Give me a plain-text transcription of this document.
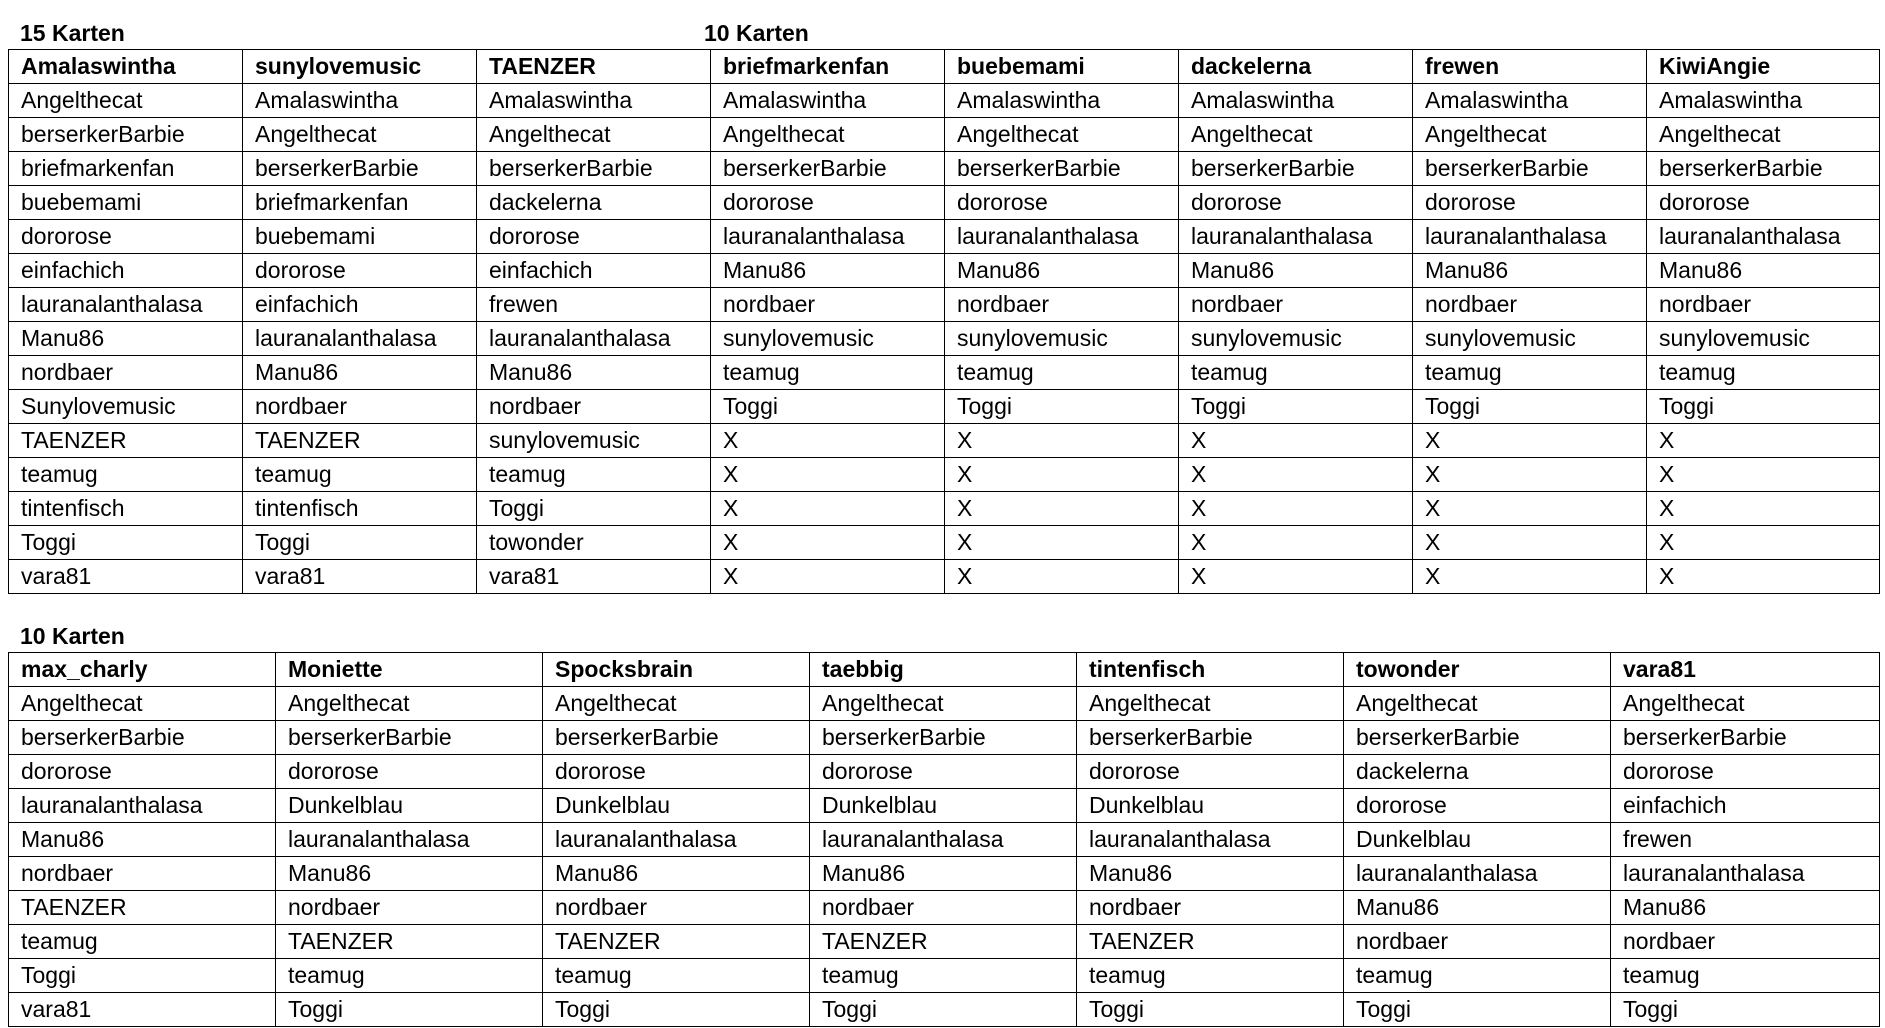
15 Karten	10 Karten
Amalaswintha	sunylovemusic	TAENZER	briefmarkenfan	buebemami	dackelerna	frewen	KiwiAngie
Angelthecat	Amalaswintha	Amalaswintha	Amalaswintha	Amalaswintha	Amalaswintha	Amalaswintha	Amalaswintha
berserkerBarbie	Angelthecat	Angelthecat	Angelthecat	Angelthecat	Angelthecat	Angelthecat	Angelthecat
briefmarkenfan	berserkerBarbie	berserkerBarbie	berserkerBarbie	berserkerBarbie	berserkerBarbie	berserkerBarbie	berserkerBarbie
buebemami	briefmarkenfan	dackelerna	dororose	dororose	dororose	dororose	dororose
dororose	buebemami	dororose	lauranalanthalasa	lauranalanthalasa	lauranalanthalasa	lauranalanthalasa	lauranalanthalasa
einfachich	dororose	einfachich	Manu86	Manu86	Manu86	Manu86	Manu86
lauranalanthalasa	einfachich	frewen	nordbaer	nordbaer	nordbaer	nordbaer	nordbaer
Manu86	lauranalanthalasa	lauranalanthalasa	sunylovemusic	sunylovemusic	sunylovemusic	sunylovemusic	sunylovemusic
nordbaer	Manu86	Manu86	teamug	teamug	teamug	teamug	teamug
Sunylovemusic	nordbaer	nordbaer	Toggi	Toggi	Toggi	Toggi	Toggi
TAENZER	TAENZER	sunylovemusic	X	X	X	X	X
teamug	teamug	teamug	X	X	X	X	X
tintenfisch	tintenfisch	Toggi	X	X	X	X	X
Toggi	Toggi	towonder	X	X	X	X	X
vara81	vara81	vara81	X	X	X	X	X
10 Karten
max_charly	Moniette	Spocksbrain	taebbig	tintenfisch	towonder	vara81
Angelthecat	Angelthecat	Angelthecat	Angelthecat	Angelthecat	Angelthecat	Angelthecat
berserkerBarbie	berserkerBarbie	berserkerBarbie	berserkerBarbie	berserkerBarbie	berserkerBarbie	berserkerBarbie
dororose	dororose	dororose	dororose	dororose	dackelerna	dororose
lauranalanthalasa	Dunkelblau	Dunkelblau	Dunkelblau	Dunkelblau	dororose	einfachich
Manu86	lauranalanthalasa	lauranalanthalasa	lauranalanthalasa	lauranalanthalasa	Dunkelblau	frewen
nordbaer	Manu86	Manu86	Manu86	Manu86	lauranalanthalasa	lauranalanthalasa
TAENZER	nordbaer	nordbaer	nordbaer	nordbaer	Manu86	Manu86
teamug	TAENZER	TAENZER	TAENZER	TAENZER	nordbaer	nordbaer
Toggi	teamug	teamug	teamug	teamug	teamug	teamug
vara81	Toggi	Toggi	Toggi	Toggi	Toggi	Toggi
